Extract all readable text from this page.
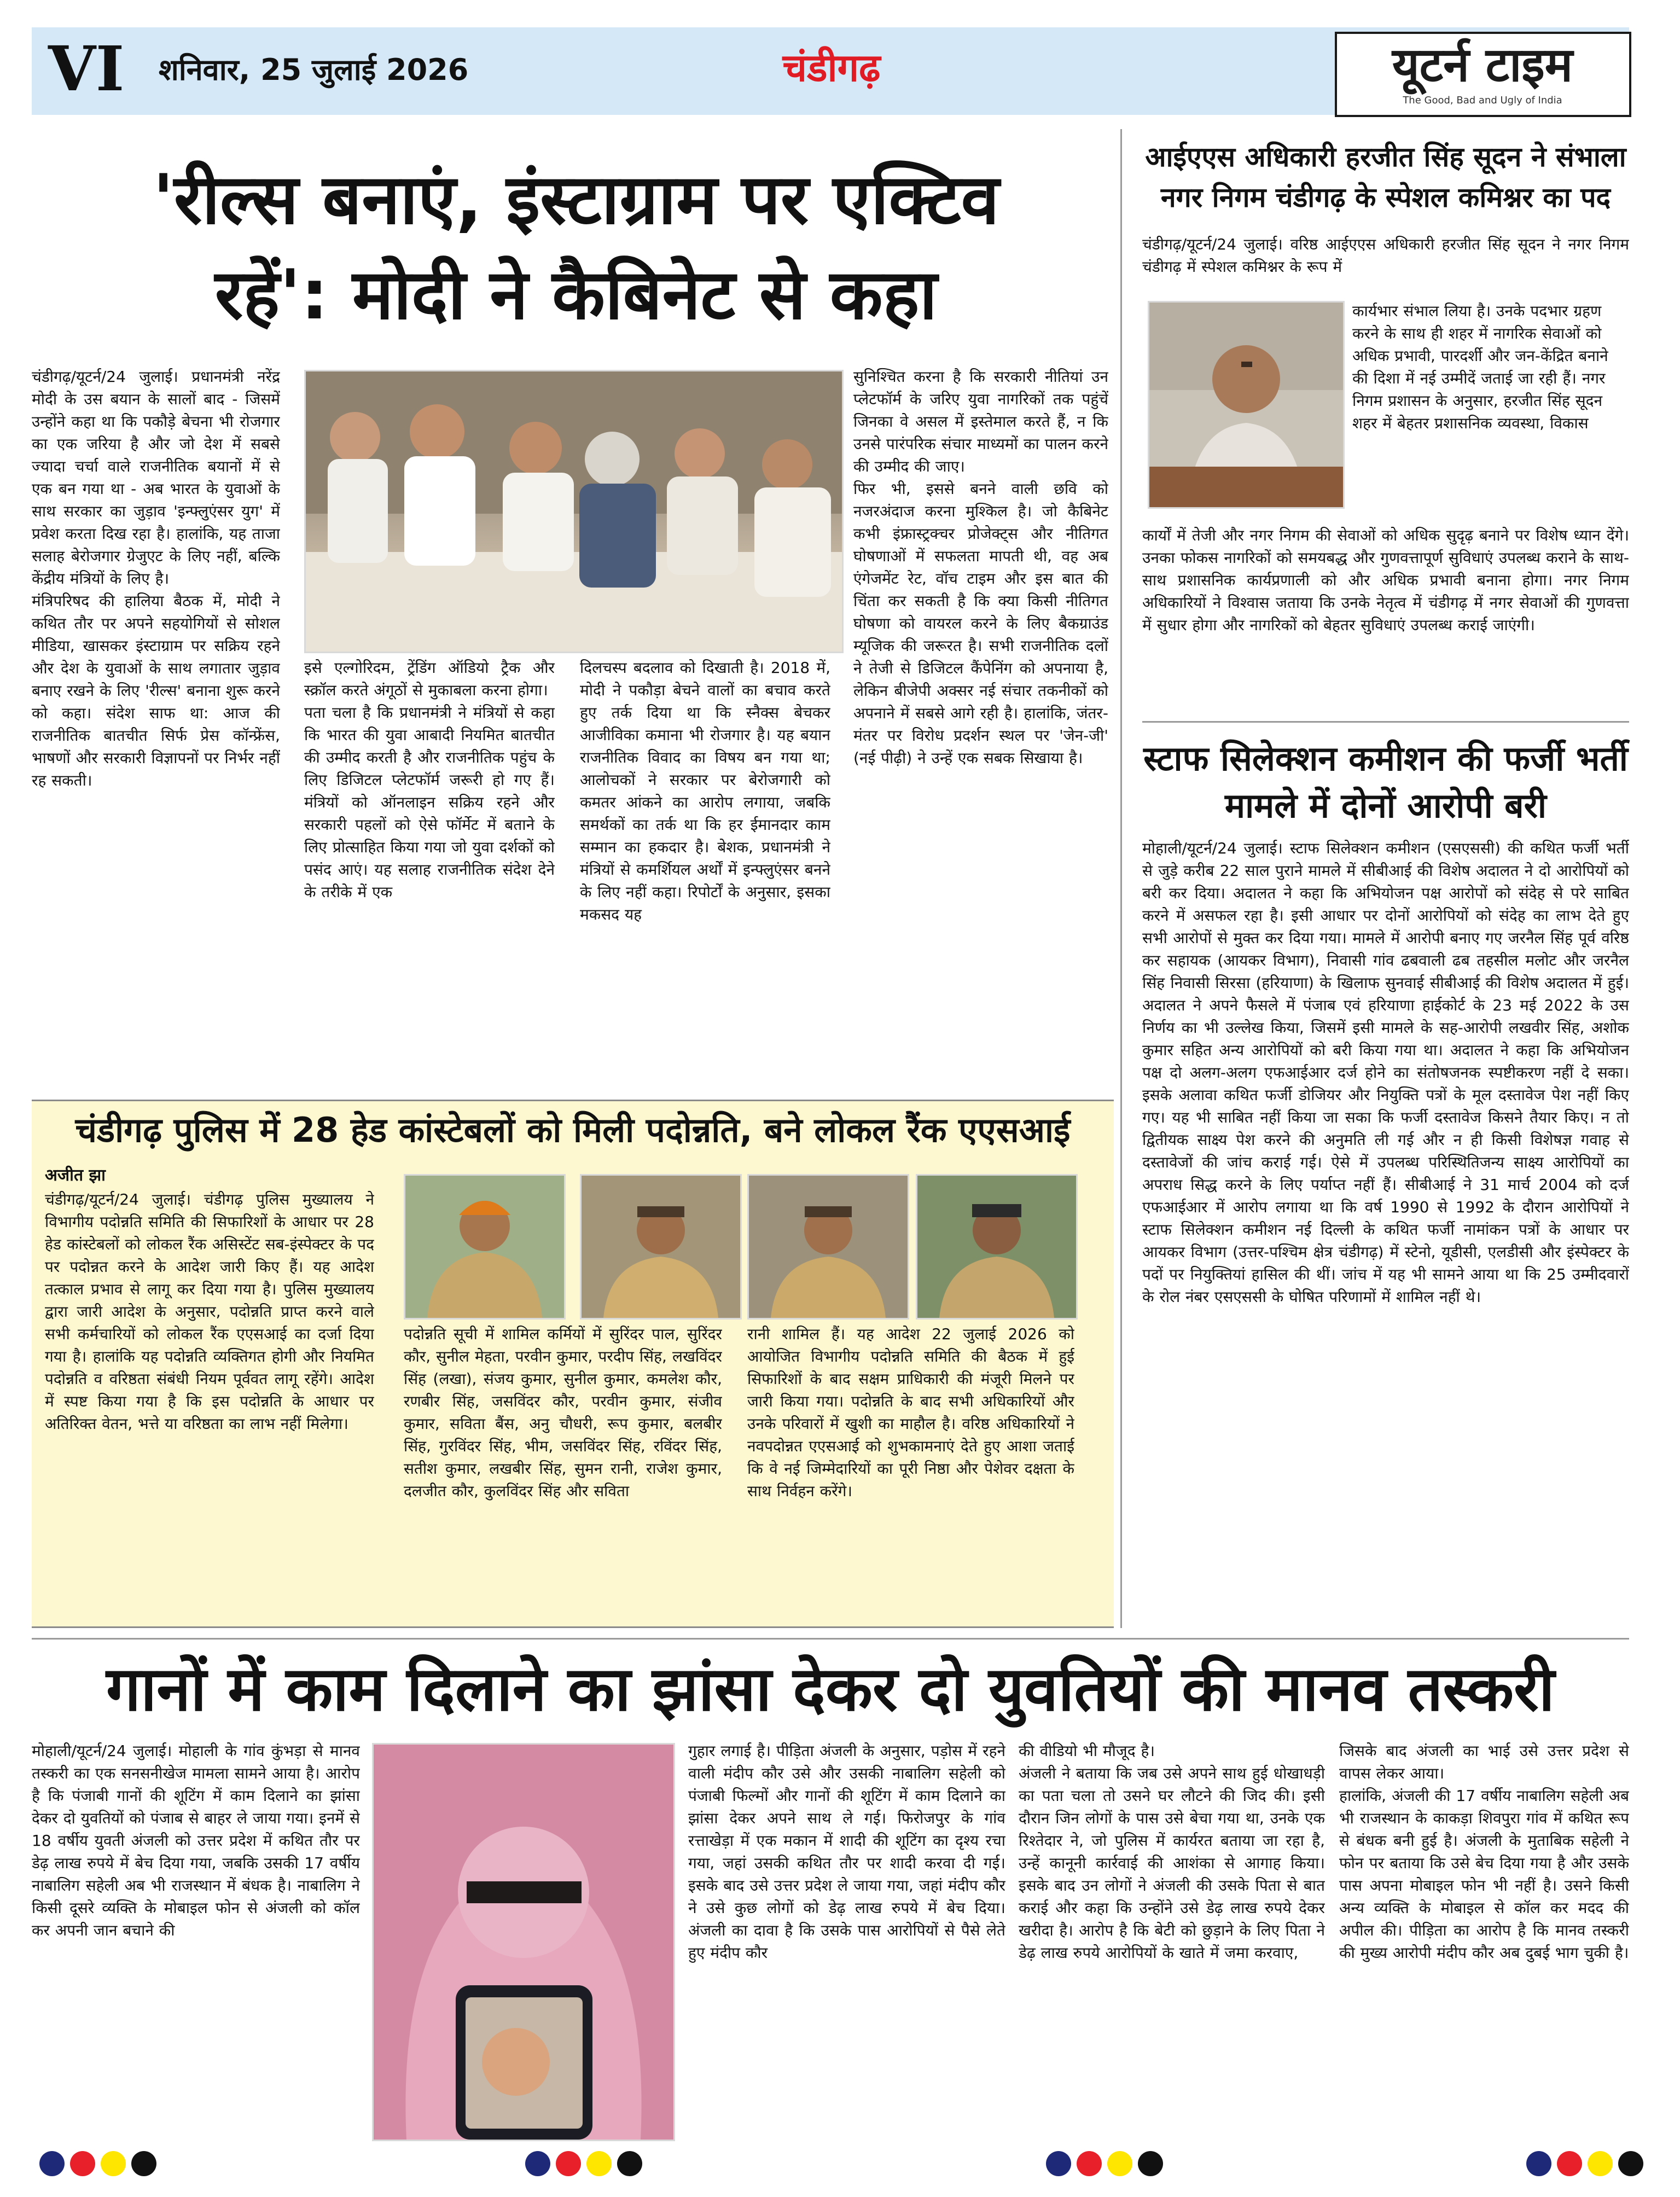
VI शनिवार, 25 जुलाई 2026	चंडीगढ़	यूटर्न टाइम
The Good, Bad and Ugly of India
'रील्स बनाएं, इंस्टाग्राम पर एक्टिव
रहें': मोदी ने कैबिनेट से कहा

चंडीगढ़/यूटर्न/24 जुलाई। प्रधानमंत्री नरेंद्र मोदी के उस बयान के सालों बाद - जिसमें उन्होंने कहा था कि पकौड़े बेचना भी रोजगार का एक जरिया है और जो देश में सबसे ज्यादा चर्चा वाले राजनीतिक बयानों में से एक बन गया था - अब भारत के युवाओं के साथ सरकार का जुड़ाव 'इन्फ्लुएंसर युग' में प्रवेश करता दिख रहा है। हालांकि, यह ताजा सलाह बेरोजगार ग्रेजुएट के लिए नहीं, बल्कि केंद्रीय मंत्रियों के लिए है।
मंत्रिपरिषद की हालिया बैठक में, मोदी ने कथित तौर पर अपने सहयोगियों से सोशल मीडिया, खासकर इंस्टाग्राम पर सक्रिय रहने और देश के युवाओं के साथ लगातार जुड़ाव बनाए रखने के लिए 'रील्स' बनाना शुरू करने को कहा। संदेश साफ था: आज की राजनीतिक बातचीत सिर्फ प्रेस कॉन्फ्रेंस, भाषणों और सरकारी विज्ञापनों पर निर्भर नहीं रह सकती।

इसे एल्गोरिदम, ट्रेंडिंग ऑडियो ट्रैक और स्क्रॉल करते अंगूठों से मुकाबला करना होगा।
पता चला है कि प्रधानमंत्री ने मंत्रियों से कहा कि भारत की युवा आबादी नियमित बातचीत की उम्मीद करती है और राजनीतिक पहुंच के लिए डिजिटल प्लेटफॉर्म जरूरी हो गए हैं। मंत्रियों को ऑनलाइन सक्रिय रहने और सरकारी पहलों को ऐसे फॉर्मेट में बताने के लिए प्रोत्साहित किया गया जो युवा दर्शकों को पसंद आएं। यह सलाह राजनीतिक संदेश देने के तरीके में एक

दिलचस्प बदलाव को दिखाती है। 2018 में, मोदी ने पकौड़ा बेचने वालों का बचाव करते हुए तर्क दिया था कि स्नैक्स बेचकर आजीविका कमाना भी रोजगार है। यह बयान राजनीतिक विवाद का विषय बन गया था; आलोचकों ने सरकार पर बेरोजगारी को कमतर आंकने का आरोप लगाया, जबकि समर्थकों का तर्क था कि हर ईमानदार काम सम्मान का हकदार है। बेशक, प्रधानमंत्री ने मंत्रियों से कमर्शियल अर्थों में इन्फ्लुएंसर बनने के लिए नहीं कहा। रिपोर्टों के अनुसार, इसका मकसद यह

सुनिश्चित करना है कि सरकारी नीतियां उन प्लेटफॉर्म के जरिए युवा नागरिकों तक पहुंचें जिनका वे असल में इस्तेमाल करते हैं, न कि उनसे पारंपरिक संचार माध्यमों का पालन करने की उम्मीद की जाए।
फिर भी, इससे बनने वाली छवि को नजरअंदाज करना मुश्किल है। जो कैबिनेट कभी इंफ्रास्ट्रक्चर प्रोजेक्ट्स और नीतिगत घोषणाओं में सफलता मापती थी, वह अब एंगेजमेंट रेट, वॉच टाइम और इस बात की चिंता कर सकती है कि क्या किसी नीतिगत घोषणा को वायरल करने के लिए बैकग्राउंड म्यूजिक की जरूरत है। सभी राजनीतिक दलों ने तेजी से डिजिटल कैंपेनिंग को अपनाया है, लेकिन बीजेपी अक्सर नई संचार तकनीकों को अपनाने में सबसे आगे रही है। हालांकि, जंतर-मंतर पर विरोध प्रदर्शन स्थल पर 'जेन-जी' (नई पीढ़ी) ने उन्हें एक सबक सिखाया है।

आईएएस अधिकारी हरजीत सिंह सूदन ने संभाला
नगर निगम चंडीगढ़ के स्पेशल कमिश्नर का पद

चंडीगढ़/यूटर्न/24 जुलाई। वरिष्ठ आईएएस अधिकारी हरजीत सिंह सूदन ने नगर निगम चंडीगढ़ में स्पेशल कमिश्नर के रूप में

कार्यभार संभाल लिया है। उनके पदभार ग्रहण करने के साथ ही शहर में नागरिक सेवाओं को अधिक प्रभावी, पारदर्शी और जन-केंद्रित बनाने की दिशा में नई उम्मीदें जताई जा रही हैं। नगर निगम प्रशासन के अनुसार, हरजीत सिंह सूदन शहर में बेहतर प्रशासनिक व्यवस्था, विकास

कार्यों में तेजी और नगर निगम की सेवाओं को अधिक सुदृढ़ बनाने पर विशेष ध्यान देंगे। उनका फोकस नागरिकों को समयबद्ध और गुणवत्तापूर्ण सुविधाएं उपलब्ध कराने के साथ-साथ प्रशासनिक कार्यप्रणाली को और अधिक प्रभावी बनाना होगा। नगर निगम अधिकारियों ने विश्वास जताया कि उनके नेतृत्व में चंडीगढ़ में नगर सेवाओं की गुणवत्ता में सुधार होगा और नागरिकों को बेहतर सुविधाएं उपलब्ध कराई जाएंगी।

स्टाफ सिलेक्शन कमीशन की फर्जी भर्ती
मामले में दोनों आरोपी बरी

मोहाली/यूटर्न/24 जुलाई। स्टाफ सिलेक्शन कमीशन (एसएससी) की कथित फर्जी भर्ती से जुड़े करीब 22 साल पुराने मामले में सीबीआई की विशेष अदालत ने दो आरोपियों को बरी कर दिया। अदालत ने कहा कि अभियोजन पक्ष आरोपों को संदेह से परे साबित करने में असफल रहा है। इसी आधार पर दोनों आरोपियों को संदेह का लाभ देते हुए सभी आरोपों से मुक्त कर दिया गया। मामले में आरोपी बनाए गए जरनैल सिंह पूर्व वरिष्ठ कर सहायक (आयकर विभाग), निवासी गांव ढबवाली ढब तहसील मलोट और जरनैल सिंह निवासी सिरसा (हरियाणा) के खिलाफ सुनवाई सीबीआई की विशेष अदालत में हुई। अदालत ने अपने फैसले में पंजाब एवं हरियाणा हाईकोर्ट के 23 मई 2022 के उस निर्णय का भी उल्लेख किया, जिसमें इसी मामले के सह-आरोपी लखवीर सिंह, अशोक कुमार सहित अन्य आरोपियों को बरी किया गया था। अदालत ने कहा कि अभियोजन पक्ष दो अलग-अलग एफआईआर दर्ज होने का संतोषजनक स्पष्टीकरण नहीं दे सका। इसके अलावा कथित फर्जी डोजियर और नियुक्ति पत्रों के मूल दस्तावेज पेश नहीं किए गए। यह भी साबित नहीं किया जा सका कि फर्जी दस्तावेज किसने तैयार किए। न तो द्वितीयक साक्ष्य पेश करने की अनुमति ली गई और न ही किसी विशेषज्ञ गवाह से दस्तावेजों की जांच कराई गई। ऐसे में उपलब्ध परिस्थितिजन्य साक्ष्य आरोपियों का अपराध सिद्ध करने के लिए पर्याप्त नहीं हैं। सीबीआई ने 31 मार्च 2004 को दर्ज एफआईआर में आरोप लगाया था कि वर्ष 1990 से 1992 के दौरान आरोपियों ने स्टाफ सिलेक्शन कमीशन नई दिल्ली के कथित फर्जी नामांकन पत्रों के आधार पर आयकर विभाग (उत्तर-पश्चिम क्षेत्र चंडीगढ़) में स्टेनो, यूडीसी, एलडीसी और इंस्पेक्टर के पदों पर नियुक्तियां हासिल की थीं। जांच में यह भी सामने आया था कि 25 उम्मीदवारों के रोल नंबर एसएससी के घोषित परिणामों में शामिल नहीं थे।

चंडीगढ़ पुलिस में 28 हेड कांस्टेबलों को मिली पदोन्नति, बने लोकल रैंक एएसआई
अजीत झा

चंडीगढ़/यूटर्न/24 जुलाई। चंडीगढ़ पुलिस मुख्यालय ने विभागीय पदोन्नति समिति की सिफारिशों के आधार पर 28 हेड कांस्टेबलों को लोकल रैंक असिस्टेंट सब-इंस्पेक्टर के पद पर पदोन्नत करने के आदेश जारी किए हैं। यह आदेश तत्काल प्रभाव से लागू कर दिया गया है। पुलिस मुख्यालय द्वारा जारी आदेश के अनुसार, पदोन्नति प्राप्त करने वाले सभी कर्मचारियों को लोकल रैंक एएसआई का दर्जा दिया गया है। हालांकि यह पदोन्नति व्यक्तिगत होगी और नियमित पदोन्नति व वरिष्ठता संबंधी नियम पूर्ववत लागू रहेंगे। आदेश में स्पष्ट किया गया है कि इस पदोन्नति के आधार पर अतिरिक्त वेतन, भत्ते या वरिष्ठता का लाभ नहीं मिलेगा।

पदोन्नति सूची में शामिल कर्मियों में सुरिंदर पाल, सुरिंदर कौर, सुनील मेहता, परवीन कुमार, परदीप सिंह, लखविंदर सिंह (लखा), संजय कुमार, सुनील कुमार, कमलेश कौर, रणबीर सिंह, जसविंदर कौर, परवीन कुमार, संजीव कुमार, सविता बैंस, अनु चौधरी, रूप कुमार, बलबीर सिंह, गुरविंदर सिंह, भीम, जसविंदर सिंह, रविंदर सिंह, सतीश कुमार, लखबीर सिंह, सुमन रानी, राजेश कुमार, दलजीत कौर, कुलविंदर सिंह और सविता

रानी शामिल हैं। यह आदेश 22 जुलाई 2026 को आयोजित विभागीय पदोन्नति समिति की बैठक में हुई सिफारिशों के बाद सक्षम प्राधिकारी की मंजूरी मिलने पर जारी किया गया। पदोन्नति के बाद सभी अधिकारियों और उनके परिवारों में खुशी का माहौल है। वरिष्ठ अधिकारियों ने नवपदोन्नत एएसआई को शुभकामनाएं देते हुए आशा जताई कि वे नई जिम्मेदारियों का पूरी निष्ठा और पेशेवर दक्षता के साथ निर्वहन करेंगे।

गानों में काम दिलाने का झांसा देकर दो युवतियों की मानव तस्करी

मोहाली/यूटर्न/24 जुलाई। मोहाली के गांव कुंभड़ा से मानव तस्करी का एक सनसनीखेज मामला सामने आया है। आरोप है कि पंजाबी गानों की शूटिंग में काम दिलाने का झांसा देकर दो युवतियों को पंजाब से बाहर ले जाया गया। इनमें से 18 वर्षीय युवती अंजली को उत्तर प्रदेश में कथित तौर पर डेढ़ लाख रुपये में बेच दिया गया, जबकि उसकी 17 वर्षीय नाबालिग सहेली अब भी राजस्थान में बंधक है। नाबालिग ने किसी दूसरे व्यक्ति के मोबाइल फोन से अंजली को कॉल कर अपनी जान बचाने की

गुहार लगाई है। पीड़िता अंजली के अनुसार, पड़ोस में रहने वाली मंदीप कौर उसे और उसकी नाबालिग सहेली को पंजाबी फिल्मों और गानों की शूटिंग में काम दिलाने का झांसा देकर अपने साथ ले गई। फिरोजपुर के गांव रत्ताखेड़ा में एक मकान में शादी की शूटिंग का दृश्य रचा गया, जहां उसकी कथित तौर पर शादी करवा दी गई। इसके बाद उसे उत्तर प्रदेश ले जाया गया, जहां मंदीप कौर ने उसे कुछ लोगों को डेढ़ लाख रुपये में बेच दिया। अंजली का दावा है कि उसके पास आरोपियों से पैसे लेते हुए मंदीप कौर

की वीडियो भी मौजूद है।
अंजली ने बताया कि जब उसे अपने साथ हुई धोखाधड़ी का पता चला तो उसने घर लौटने की जिद की। इसी दौरान जिन लोगों के पास उसे बेचा गया था, उनके एक रिश्तेदार ने, जो पुलिस में कार्यरत बताया जा रहा है, उन्हें कानूनी कार्रवाई की आशंका से आगाह किया। इसके बाद उन लोगों ने अंजली की उसके पिता से बात कराई और कहा कि उन्होंने उसे डेढ़ लाख रुपये देकर खरीदा है। आरोप है कि बेटी को छुड़ाने के लिए पिता ने डेढ़ लाख रुपये आरोपियों के खाते में जमा करवाए,

जिसके बाद अंजली का भाई उसे उत्तर प्रदेश से वापस लेकर आया।
हालांकि, अंजली की 17 वर्षीय नाबालिग सहेली अब भी राजस्थान के काकड़ा शिवपुरा गांव में कथित रूप से बंधक बनी हुई है। अंजली के मुताबिक सहेली ने फोन पर बताया कि उसे बेच दिया गया है और उसके पास अपना मोबाइल फोन भी नहीं है। उसने किसी अन्य व्यक्ति के मोबाइल से कॉल कर मदद की अपील की। पीड़िता का आरोप है कि मानव तस्करी की मुख्य आरोपी मंदीप कौर अब दुबई भाग चुकी है।
